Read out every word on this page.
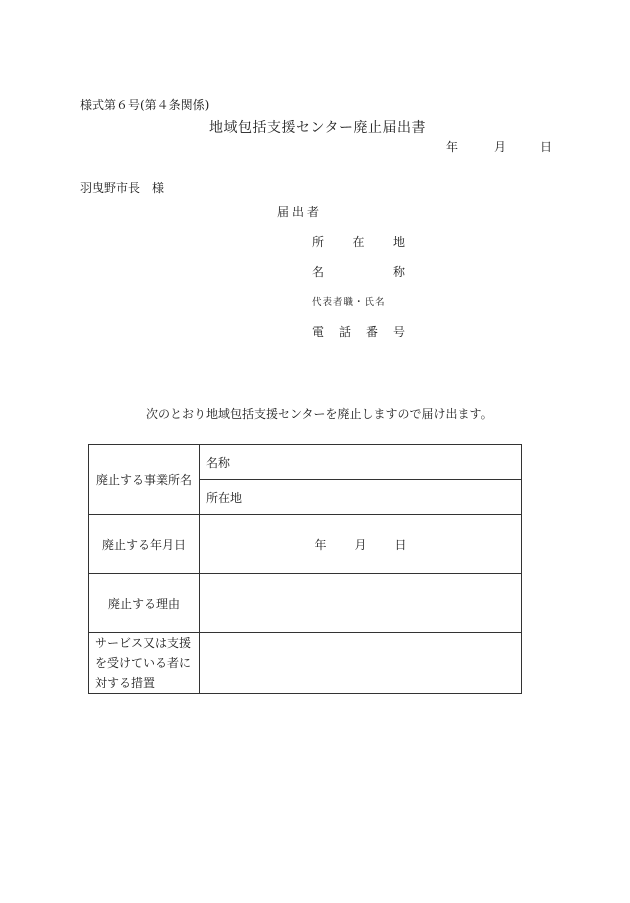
様式第６号(第４条関係)
地域包括支援センター廃止届出書
年	月	日
羽曳野市長　様
届出者
所 在 地
名	称
代表者職・氏名
電 話 番 号
次のとおり地域包括支援センターを廃止しますので届け出ます。
廃止する事業所名	名称
	所在地
廃止する年月日	年 月 日
廃止する理由	

サービス又は支援
を受けている者に
対する措置	
